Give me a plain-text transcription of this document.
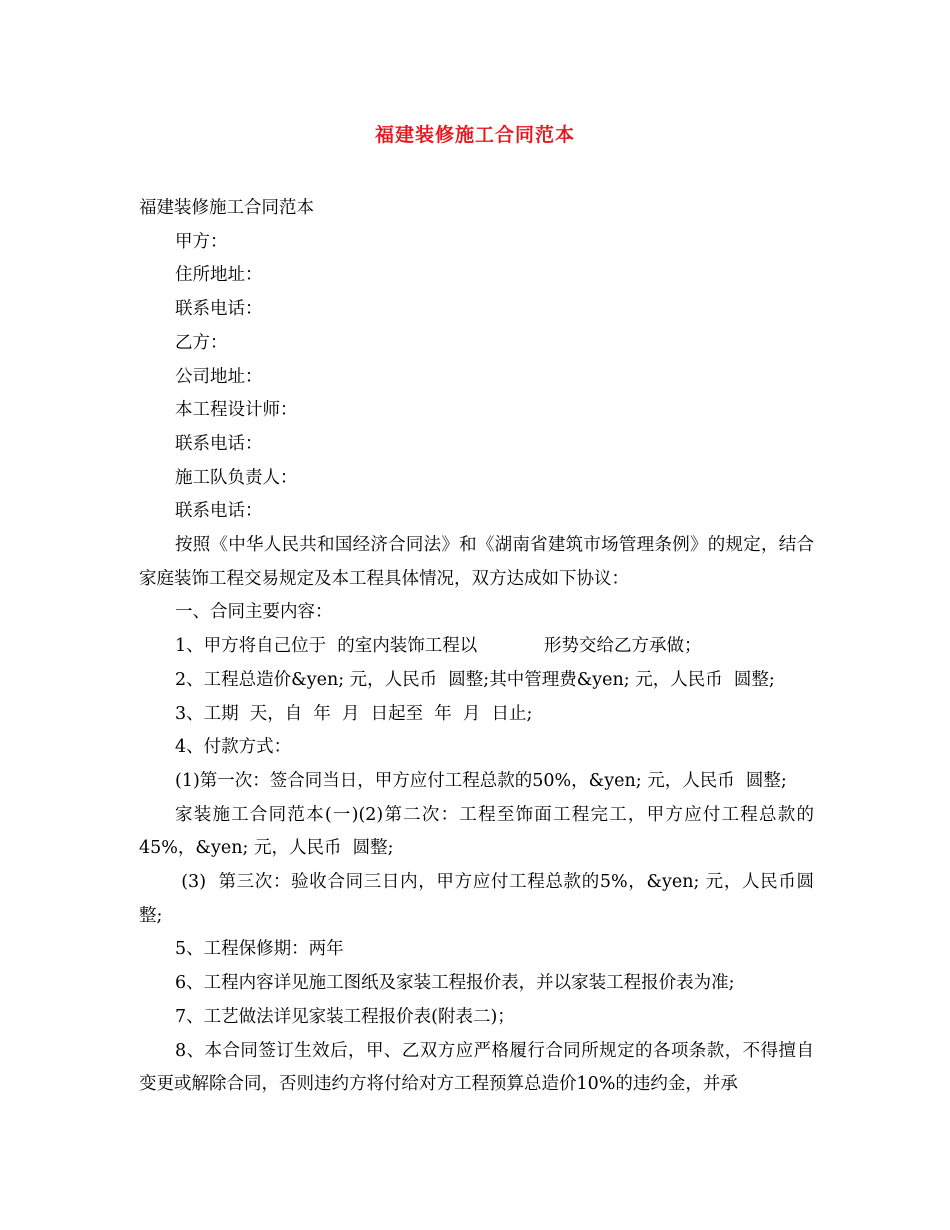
福建装修施工合同范本

福建装修施工合同范本

甲方：

住所地址：

联系电话：

乙方：

公司地址：

本工程设计师：

联系电话：

施工队负责人：

联系电话：

按照《中华人民共和国经济合同法》和《湖南省建筑市场管理条例》的规定，结合家庭装饰工程交易规定及本工程具体情况，双方达成如下协议：

一、合同主要内容：

1、甲方将自己位于  的室内装饰工程以            形势交给乙方承做；

2、工程总造价&yen; 元，人民币  圆整;其中管理费&yen; 元，人民币  圆整;

3、工期  天，自  年  月  日起至  年  月  日止;

4、付款方式：

(1)第一次：签合同当日，甲方应付工程总款的50%，&yen; 元，人民币  圆整;

家装施工合同范本(一)(2)第二次：工程至饰面工程完工，甲方应付工程总款的45%，&yen; 元，人民币  圆整;

(3)  第三次：验收合同三日内，甲方应付工程总款的5%，&yen; 元，人民币圆整;

5、工程保修期：两年

6、工程内容详见施工图纸及家装工程报价表，并以家装工程报价表为准;

7、工艺做法详见家装工程报价表(附表二)；

8、本合同签订生效后，甲、乙双方应严格履行合同所规定的各项条款，不得擅自变更或解除合同，否则违约方将付给对方工程预算总造价10%的违约金，并承
